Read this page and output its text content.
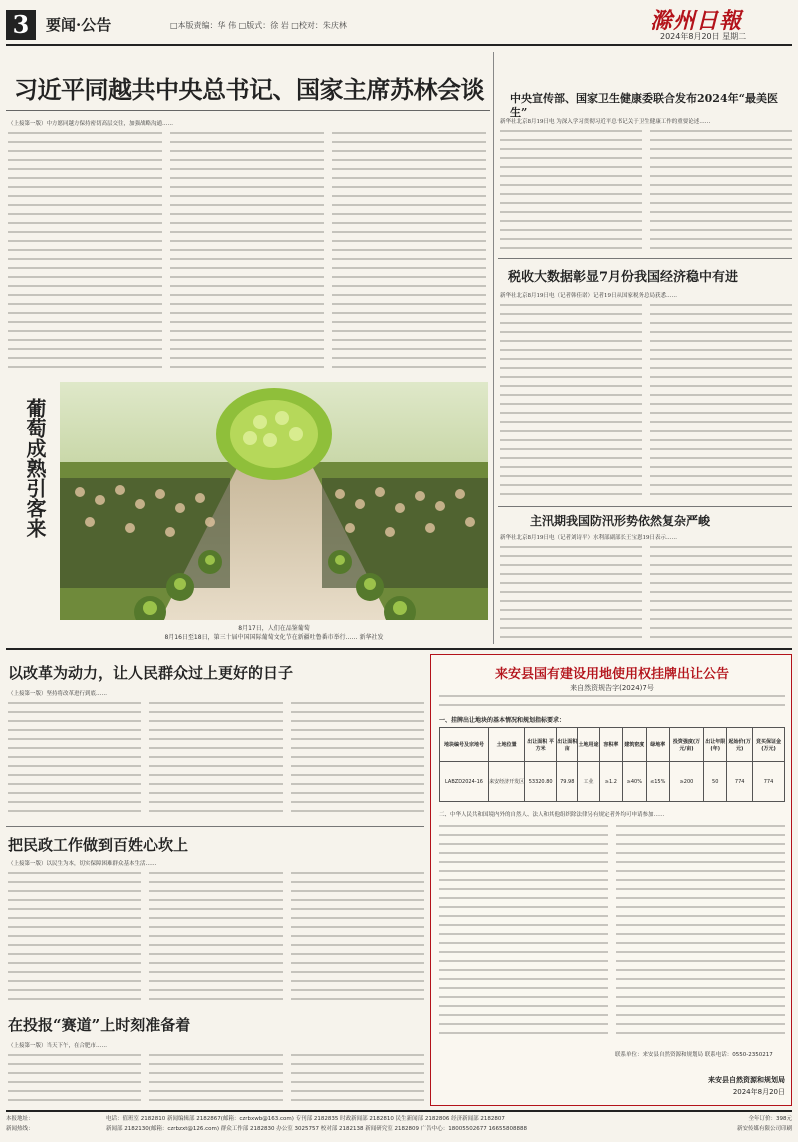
3	要闻·公告	□本版责编：华 伟 □版式：徐 岩 □校对：朱庆林	滁州日報
2024年8月20日 星期二
习近平同越共中央总书记、国家主席苏林会谈
（上接第一版）中方愿同越方保持密切高层交往，加强战略沟通……
中央宣传部、国家卫生健康委联合发布2024年“最美医生”
新华社北京8月19日电 为深入学习贯彻习近平总书记关于卫生健康工作的重要论述……
税收大数据彰显7月份我国经济稳中有进
新华社北京8月19日电（记者韩佳诺）记者19日从国家税务总局获悉……
主汛期我国防汛形势依然复杂严峻
新华社北京8月19日电（记者刘诗平）水利部副部长王宝恩19日表示……
葡萄成熟引客来
8月17日，人们在品鉴葡萄
8月16日至18日，第三十届中国国际葡萄文化节在新疆吐鲁番市举行…… 新华社发
以改革为动力，让人民群众过上更好的日子
（上接第一版）坚持将改革进行到底……
把民政工作做到百姓心坎上
（上接第一版）以民生为本，切实保障困难群众基本生活……
在投报“赛道”上时刻准备着
（上接第一版）当天下午，在合肥市……
来安县国有建设用地使用权挂牌出让公告
来自然资规告字(2024)7号
一、挂牌出让地块的基本情况和规划指标要求：
地块编号及宗地号	土地位置	出让面积 平方米	出让面积 亩	土地用途	容积率	建筑密度	绿地率	投资强度(万元/亩)	出让年限(年)	起始价(万元)	竞买保证金(万元)
LABZD2024-16	来安经济开发区	53320.80	79.98	工业	≥1.2	≥40%	≤15%	≥200	50	774	774
二、中华人民共和国境内外的自然人、法人和其他组织除法律另有规定者外均可申请参加……
联系单位：来安县自然资源和规划局 联系电话：0550-2350217
来安县自然资源和规划局
2024年8月20日
本报地址：
新闻热线：
电话：值班室 2182810 新闻编辑部 2182867(邮箱：czrbxwb@163.com) 专刊部 2182835 时政新闻部 2182810 民生新闻部 2182806 经济新闻部 2182807
新闻部 2182130(邮箱：czrbzxt@126.com) 群众工作部 2182830 办公室 3025757 校对部 2182138 新闻研究室 2182809 广告中心：18005502677 16655808888
全年订价：398元
新安传媒有限公司印刷
